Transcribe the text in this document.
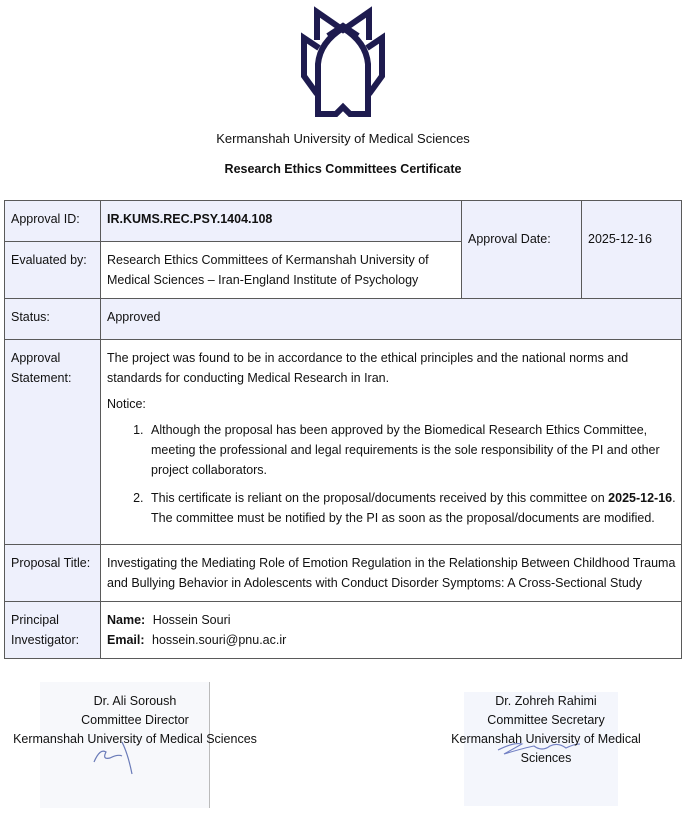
Kermanshah University of Medical Sciences
Research Ethics Committees Certificate
Approval ID:	IR.KUMS.REC.PSY.1404.108	Approval Date:	2025-12-16

Evaluated by:	Research Ethics Committees of Kermanshah University of Medical Sciences – Iran-England Institute of Psychology		
Status:	Approved		
Approval Statement:	
The project was found to be in accordance to the ethical principles and the national norms and standards for conducting Medical Research in Iran.
Notice:
1. Although the proposal has been approved by the Biomedical Research Ethics Committee, meeting the professional and legal requirements is the sole responsibility of the PI and other project collaborators.
2. This certificate is reliant on the proposal/documents received by this committee on 2025-12-16. The committee must be notified by the PI as soon as the proposal/documents are modified.

Proposal Title:	Investigating the Mediating Role of Emotion Regulation in the Relationship Between Childhood Trauma and Bullying Behavior in Adolescents with Conduct Disorder Symptoms: A Cross-Sectional Study		
Principal Investigator:	Name: Hossein Souri
Email: hossein.souri@pnu.ac.ir		
Dr. Ali Soroush
Committee Director
Kermanshah University of Medical Sciences
Dr. Zohreh Rahimi
Committee Secretary
Kermanshah University of Medical Sciences
